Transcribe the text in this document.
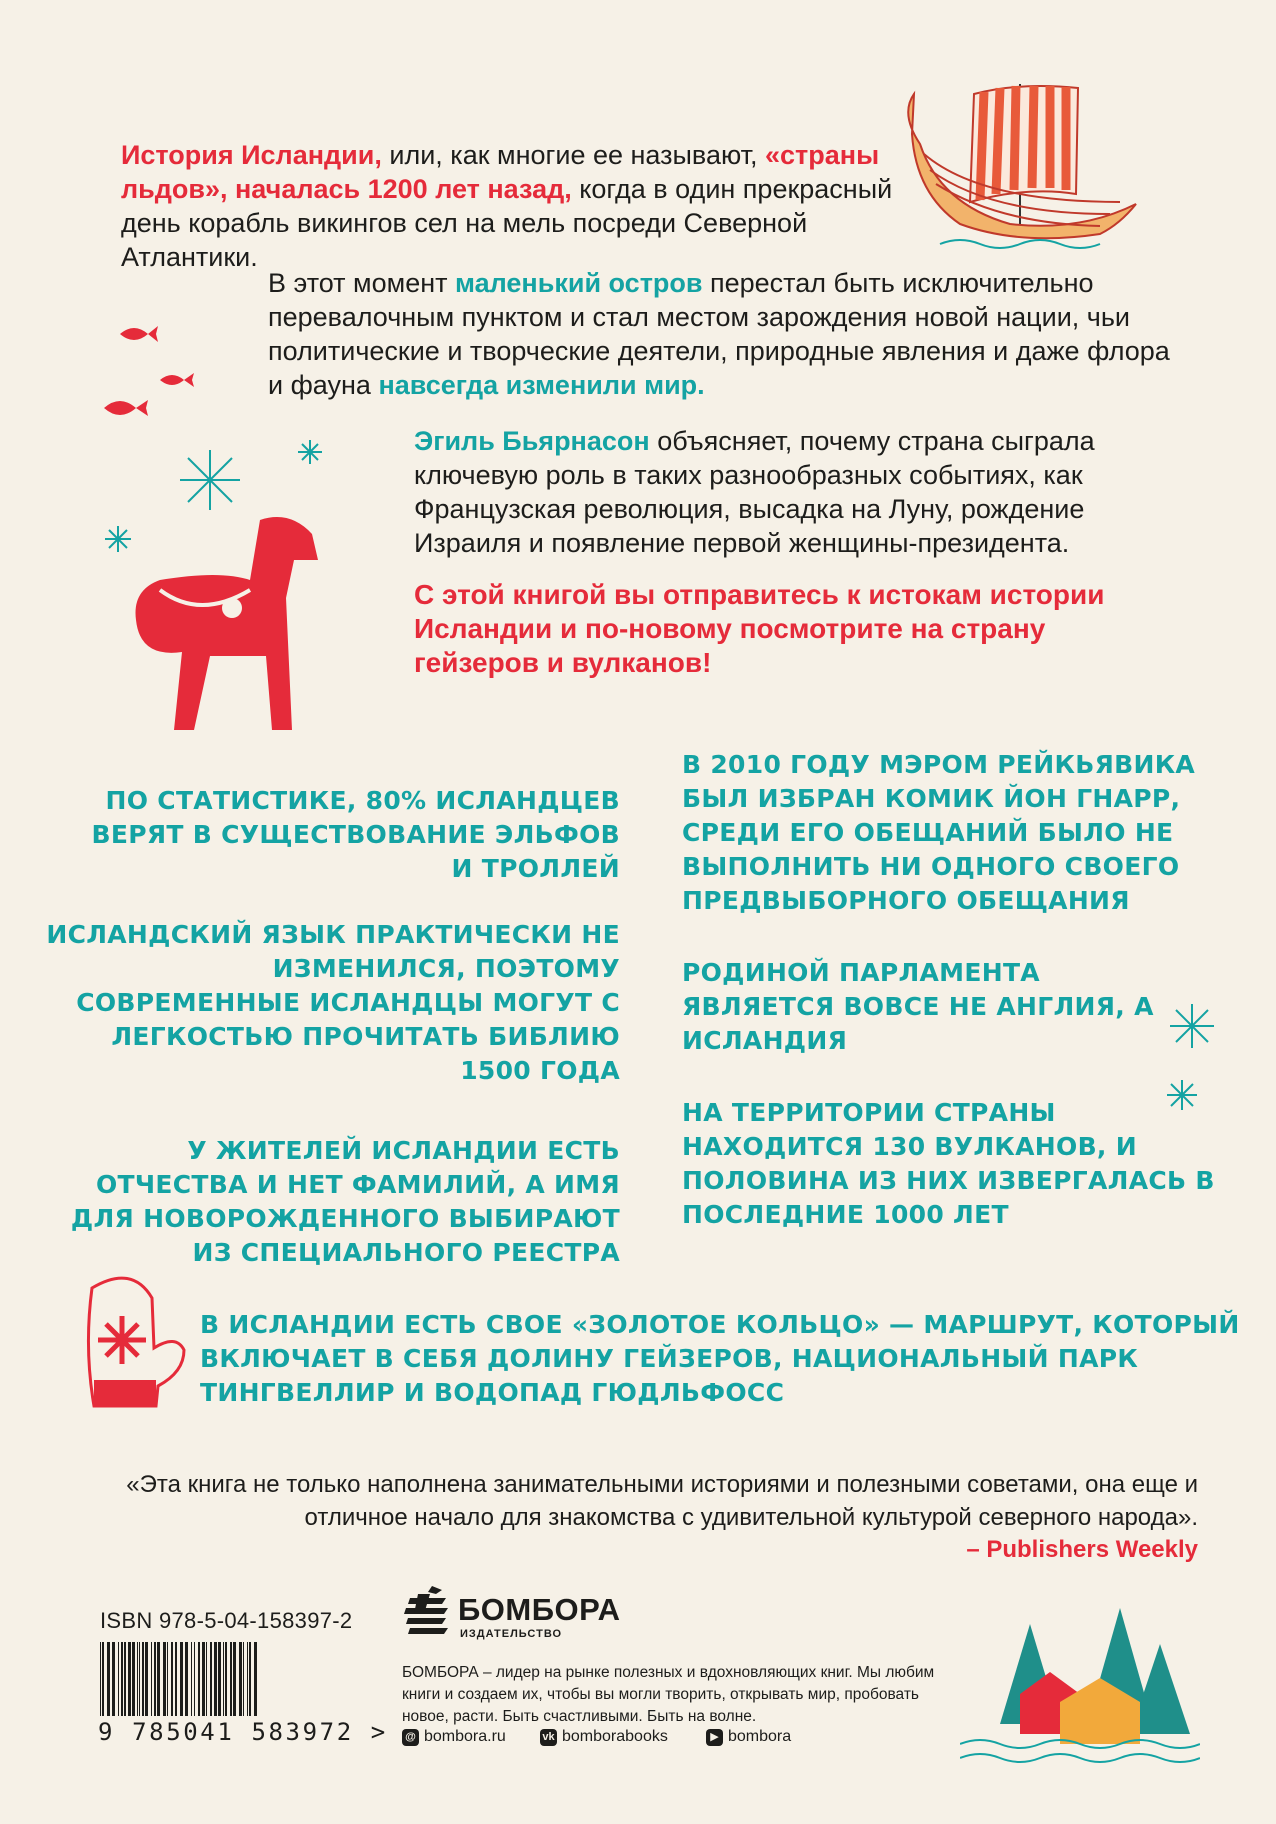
История Исландии, или, как многие ее называют, «страны льдов», началась 1200 лет назад, когда в один прекрасный день корабль викингов сел на мель посреди Северной Атлантики.
В этот момент маленький остров перестал быть исключительно перевалочным пунктом и стал местом зарождения новой нации, чьи политические и творческие деятели, природные явления и даже флора и фауна навсегда изменили мир.
Эгиль Бьярнасон объясняет, почему страна сыграла ключевую роль в таких разнообразных событиях, как Французская революция, высадка на Луну, рождение Израиля и появление первой женщины-президента.
С этой книгой вы отправитесь к истокам истории Исландии и по-новому посмотрите на страну гейзеров и вулканов!
ПО СТАТИСТИКЕ, 80% ИСЛАНДЦЕВ ВЕРЯТ В СУЩЕСТВОВАНИЕ ЭЛЬФОВ И ТРОЛЛЕЙ
ИСЛАНДСКИЙ ЯЗЫК ПРАКТИЧЕСКИ НЕ ИЗМЕНИЛСЯ, ПОЭТОМУ СОВРЕМЕННЫЕ ИСЛАНДЦЫ МОГУТ С ЛЕГКОСТЬЮ ПРОЧИТАТЬ БИБЛИЮ 1500 ГОДА
У ЖИТЕЛЕЙ ИСЛАНДИИ ЕСТЬ ОТЧЕСТВА И НЕТ ФАМИЛИЙ, А ИМЯ ДЛЯ НОВОРОЖДЕННОГО ВЫБИРАЮТ ИЗ СПЕЦИАЛЬНОГО РЕЕСТРА
В 2010 ГОДУ МЭРОМ РЕЙКЬЯВИКА БЫЛ ИЗБРАН КОМИК ЙОН ГНАРР, СРЕДИ ЕГО ОБЕЩАНИЙ БЫЛО НЕ ВЫПОЛНИТЬ НИ ОДНОГО СВОЕГО ПРЕДВЫБОРНОГО ОБЕЩАНИЯ
РОДИНОЙ ПАРЛАМЕНТА ЯВЛЯЕТСЯ ВОВСЕ НЕ АНГЛИЯ, А ИСЛАНДИЯ
НА ТЕРРИТОРИИ СТРАНЫ НАХОДИТСЯ 130 ВУЛКАНОВ, И ПОЛОВИНА ИЗ НИХ ИЗВЕРГАЛАСЬ В ПОСЛЕДНИЕ 1000 ЛЕТ
В ИСЛАНДИИ ЕСТЬ СВОЕ «ЗОЛОТОЕ КОЛЬЦО» — МАРШРУТ, КОТОРЫЙ ВКЛЮЧАЕТ В СЕБЯ ДОЛИНУ ГЕЙЗЕРОВ, НАЦИОНАЛЬНЫЙ ПАРК ТИНГВЕЛЛИР И ВОДОПАД ГЮДЛЬФОСС
«Эта книга не только наполнена занимательными историями и полезными советами, она еще и отличное начало для знакомства с удивительной культурой северного народа».
– Publishers Weekly
ISBN 978-5-04-158397-2
9 785041 583972 >
БОМБОРА
ИЗДАТЕЛЬСТВО
БОМБОРА – лидер на рынке полезных и вдохновляющих книг. Мы любим книги и создаем их, чтобы вы могли творить, открывать мир, пробовать новое, расти. Быть счастливыми. Быть на волне.
@ bombora.ru	vk bomborabooks	▶ bombora
